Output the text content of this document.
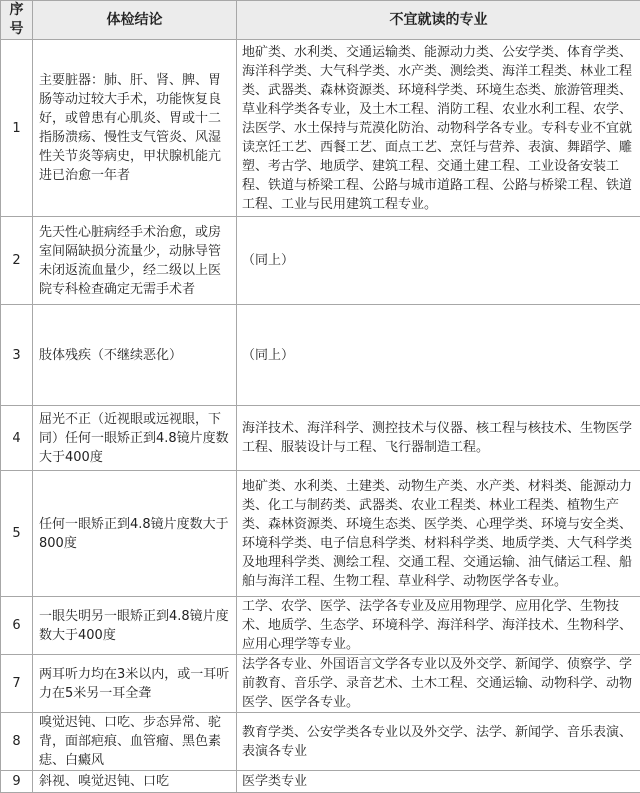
序号	体检结论	不宜就读的专业
1	主要脏器：肺、肝、肾、脾、胃肠等动过较大手术，功能恢复良好，或曾患有心肌炎、胃或十二指肠溃疡、慢性支气管炎、风湿性关节炎等病史，甲状腺机能亢进已治愈一年者	地矿类、水利类、交通运输类、能源动力类、公安学类、体育学类、海洋科学类、大气科学类、水产类、测绘类、海洋工程类、林业工程类、武器类、森林资源类、环境科学类、环境生态类、旅游管理类、草业科学类各专业，及土木工程、消防工程、农业水利工程、农学、法医学、水土保持与荒漠化防治、动物科学各专业。专科专业不宜就读烹饪工艺、西餐工艺、面点工艺、烹饪与营养、表演、舞蹈学、雕塑、考古学、地质学、建筑工程、交通土建工程、工业设备安装工程、铁道与桥梁工程、公路与城市道路工程、公路与桥梁工程、铁道工程、工业与民用建筑工程专业。
2	先天性心脏病经手术治愈，或房室间隔缺损分流量少，动脉导管未闭返流血量少，经二级以上医院专科检查确定无需手术者	（同上）
3	肢体残疾（不继续恶化）	（同上）
4	屈光不正（近视眼或远视眼，下同）任何一眼矫正到4.8镜片度数大于400度	海洋技术、海洋科学、测控技术与仪器、核工程与核技术、生物医学工程、服装设计与工程、飞行器制造工程。
5	任何一眼矫正到4.8镜片度数大于800度	地矿类、水利类、土建类、动物生产类、水产类、材料类、能源动力类、化工与制药类、武器类、农业工程类、林业工程类、植物生产类、森林资源类、环境生态类、医学类、心理学类、环境与安全类、环境科学类、电子信息科学类、材料科学类、地质学类、大气科学类及地理科学类、测绘工程、交通工程、交通运输、油气储运工程、船舶与海洋工程、生物工程、草业科学、动物医学各专业。
6	一眼失明另一眼矫正到4.8镜片度数大于400度	工学、农学、医学、法学各专业及应用物理学、应用化学、生物技术、地质学、生态学、环境科学、海洋科学、海洋技术、生物科学、应用心理学等专业。
7	两耳听力均在3米以内，或一耳听力在5米另一耳全聋	法学各专业、外国语言文学各专业以及外交学、新闻学、侦察学、学前教育、音乐学、录音艺术、土木工程、交通运输、动物科学、动物医学、医学各专业。
8	嗅觉迟钝、口吃、步态异常、驼背，面部疤痕、血管瘤、黑色素痣、白癜风	教育学类、公安学类各专业以及外交学、法学、新闻学、音乐表演、表演各专业
9	斜视、嗅觉迟钝、口吃	医学类专业
